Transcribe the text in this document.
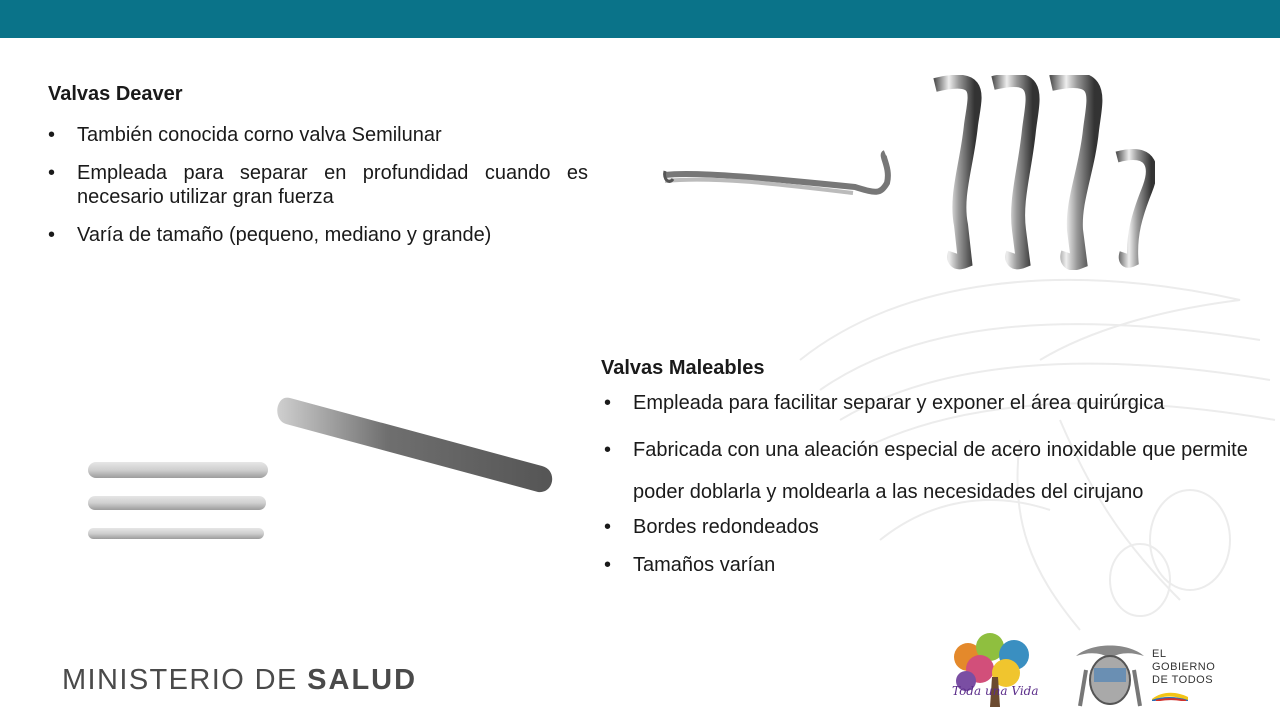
Valvas Deaver
• También conocida corno valva Semilunar
• Empleada para separar en profundidad cuando es necesario utilizar gran fuerza
• Varía de tamaño (pequeno, mediano y grande)
Valvas Maleables
• Empleada para facilitar separar y exponer el área quirúrgica
• Fabricada con una aleación especial de acero inoxidable que permite poder doblarla y moldearla a las necesidades del cirujano
• Bordes redondeados
• Tamaños varían
MINISTERIO DE SALUD	Toda una Vida
EL
GOBIERNO
DE TODOS
